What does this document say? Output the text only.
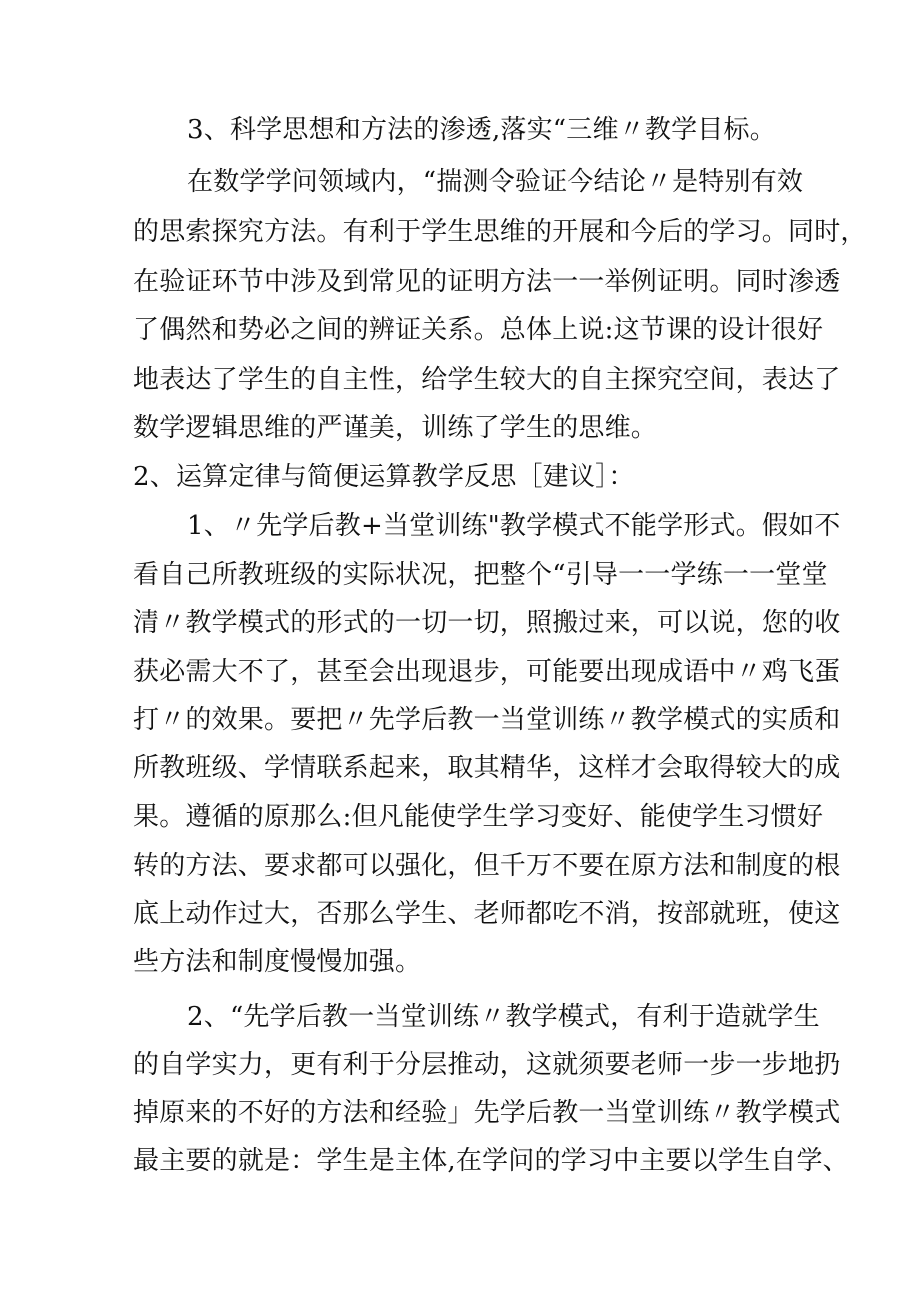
3、科学思想和方法的渗透,落实“三维〃教学目标。
在数学学问领域内，“揣测令验证今结论〃是特别有效
的思索探究方法。有利于学生思维的开展和今后的学习。同时，
在验证环节中涉及到常见的证明方法一一举例证明。同时渗透
了偶然和势必之间的辨证关系。总体上说:这节课的设计很好
地表达了学生的自主性，给学生较大的自主探究空间，表达了
数学逻辑思维的严谨美，训练了学生的思维。
2、运算定律与简便运算教学反思［建议］：
1、〃先学后教+当堂训练"教学模式不能学形式。假如不
看自己所教班级的实际状况，把整个“引导一一学练一一堂堂
清〃教学模式的形式的一切一切，照搬过来，可以说，您的收
获必需大不了，甚至会出现退步，可能要出现成语中〃鸡飞蛋
打〃的效果。要把〃先学后教一当堂训练〃教学模式的实质和
所教班级、学情联系起来，取其精华，这样才会取得较大的成
果。遵循的原那么:但凡能使学生学习变好、能使学生习惯好
转的方法、要求都可以强化，但千万不要在原方法和制度的根
底上动作过大，否那么学生、老师都吃不消，按部就班，使这
些方法和制度慢慢加强。
2、“先学后教一当堂训练〃教学模式，有利于造就学生
的自学实力，更有利于分层推动，这就须要老师一步一步地扔
掉原来的不好的方法和经验」先学后教一当堂训练〃教学模式
最主要的就是：学生是主体,在学问的学习中主要以学生自学、
